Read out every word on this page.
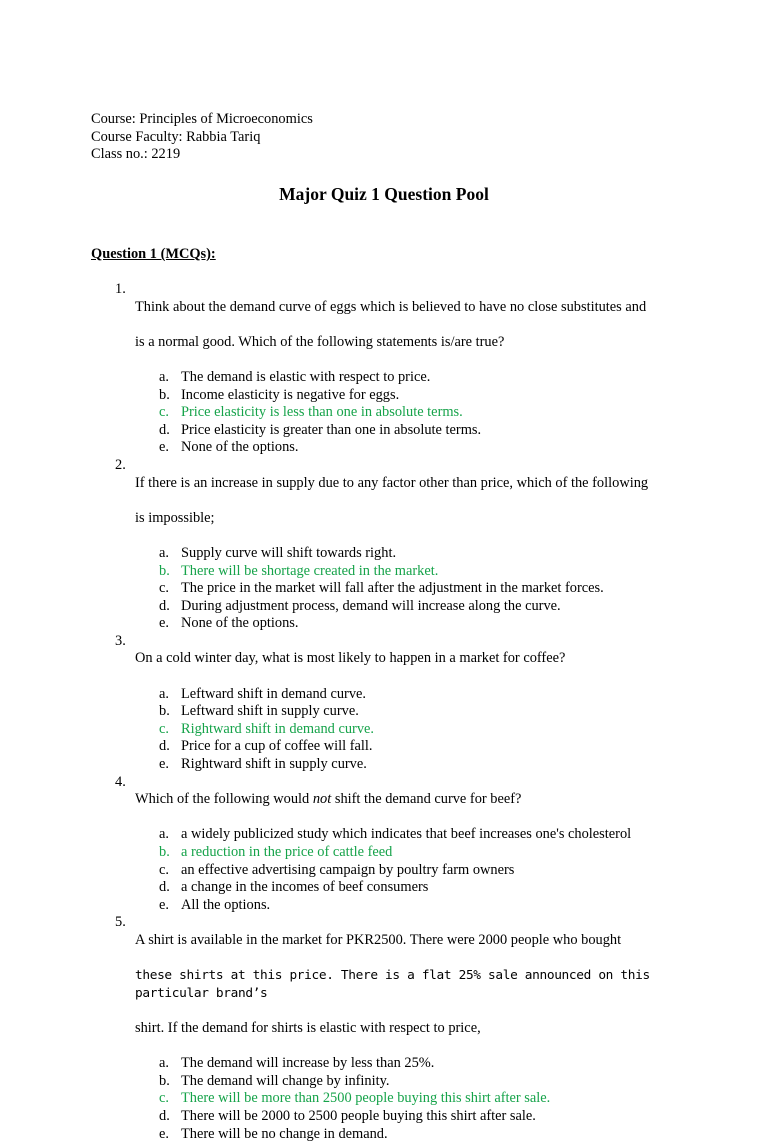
Course: Principles of Microeconomics
Course Faculty: Rabbia Tariq
Class no.: 2219
Major Quiz 1 Question Pool
Question 1 (MCQs):
1.

Think about the demand curve of eggs which is believed to have no close substitutes and

is a normal good. Which of the following statements is/are true?

a. The demand is elastic with respect to price.
b. Income elasticity is negative for eggs.
c. Price elasticity is less than one in absolute terms.
d. Price elasticity is greater than one in absolute terms.
e. None of the options.
2.

If there is an increase in supply due to any factor other than price, which of the following

is impossible;

a. Supply curve will shift towards right.
b. There will be shortage created in the market.
c. The price in the market will fall after the adjustment in the market forces.
d. During adjustment process, demand will increase along the curve.
e. None of the options.
3.

On a cold winter day, what is most likely to happen in a market for coffee?

a. Leftward shift in demand curve.
b. Leftward shift in supply curve.
c. Rightward shift in demand curve.
d. Price for a cup of coffee will fall.
e. Rightward shift in supply curve.
4.

Which of the following would not shift the demand curve for beef?

a. a widely publicized study which indicates that beef increases one's cholesterol
b. a reduction in the price of cattle feed
c. an effective advertising campaign by poultry farm owners
d. a change in the incomes of beef consumers
e. All the options.
5.

A shirt is available in the market for PKR2500. There were 2000 people who bought

these shirts at this price. There is a flat 25% sale announced on this particular brand’s

shirt. If the demand for shirts is elastic with respect to price,

a. The demand will increase by less than 25%.
b. The demand will change by infinity.
c. There will be more than 2500 people buying this shirt after sale.
d. There will be 2000 to 2500 people buying this shirt after sale.
e. There will be no change in demand.
